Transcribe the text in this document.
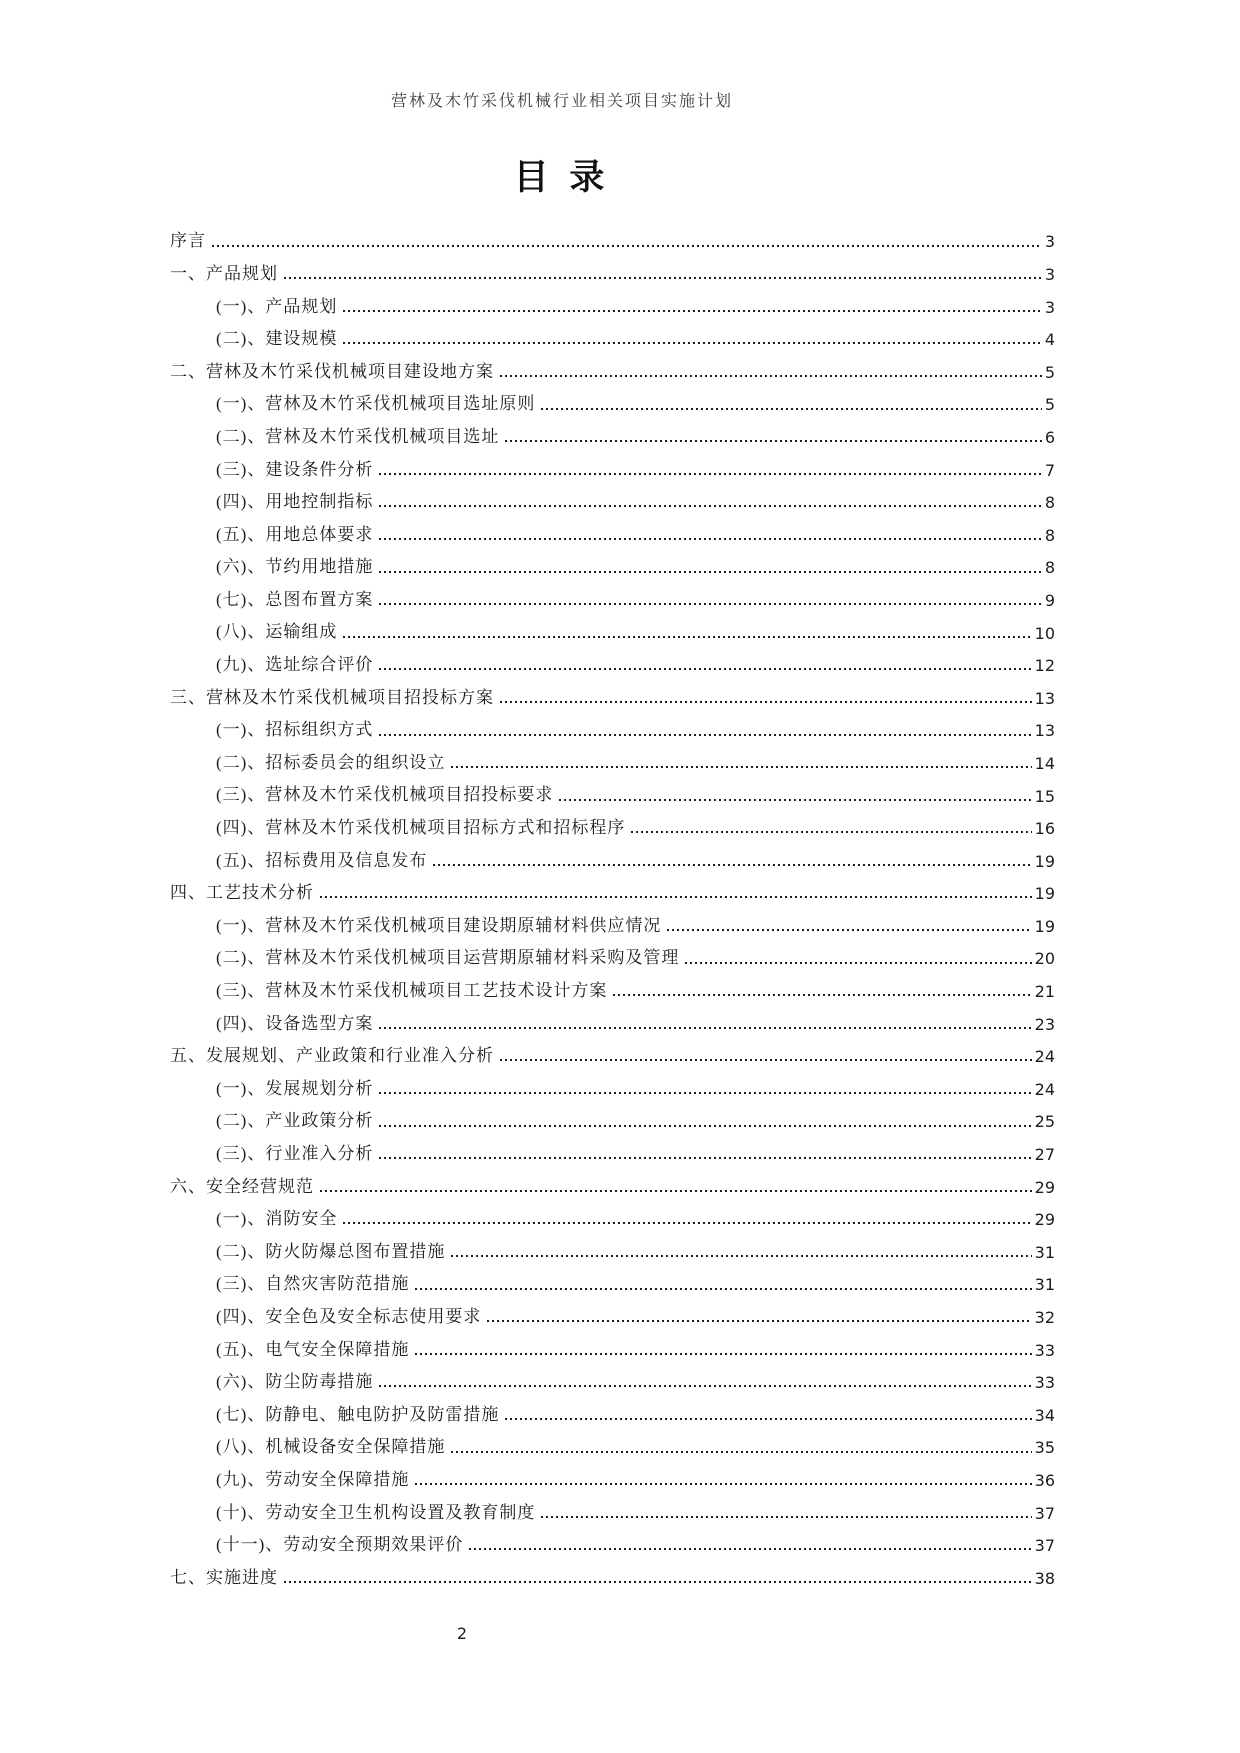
营林及木竹采伐机械行业相关项目实施计划
目 录
序言	3
一、产品规划	3
(一)、产品规划	3
(二)、建设规模	4
二、营林及木竹采伐机械项目建设地方案	5
(一)、营林及木竹采伐机械项目选址原则	5
(二)、营林及木竹采伐机械项目选址	6
(三)、建设条件分析	7
(四)、用地控制指标	8
(五)、用地总体要求	8
(六)、节约用地措施	8
(七)、总图布置方案	9
(八)、运输组成	10
(九)、选址综合评价	12
三、营林及木竹采伐机械项目招投标方案	13
(一)、招标组织方式	13
(二)、招标委员会的组织设立	14
(三)、营林及木竹采伐机械项目招投标要求	15
(四)、营林及木竹采伐机械项目招标方式和招标程序	16
(五)、招标费用及信息发布	19
四、工艺技术分析	19
(一)、营林及木竹采伐机械项目建设期原辅材料供应情况	19
(二)、营林及木竹采伐机械项目运营期原辅材料采购及管理	20
(三)、营林及木竹采伐机械项目工艺技术设计方案	21
(四)、设备选型方案	23
五、发展规划、产业政策和行业准入分析	24
(一)、发展规划分析	24
(二)、产业政策分析	25
(三)、行业准入分析	27
六、安全经营规范	29
(一)、消防安全	29
(二)、防火防爆总图布置措施	31
(三)、自然灾害防范措施	31
(四)、安全色及安全标志使用要求	32
(五)、电气安全保障措施	33
(六)、防尘防毒措施	33
(七)、防静电、触电防护及防雷措施	34
(八)、机械设备安全保障措施	35
(九)、劳动安全保障措施	36
(十)、劳动安全卫生机构设置及教育制度	37
(十一)、劳动安全预期效果评价	37
七、实施进度	38
2
